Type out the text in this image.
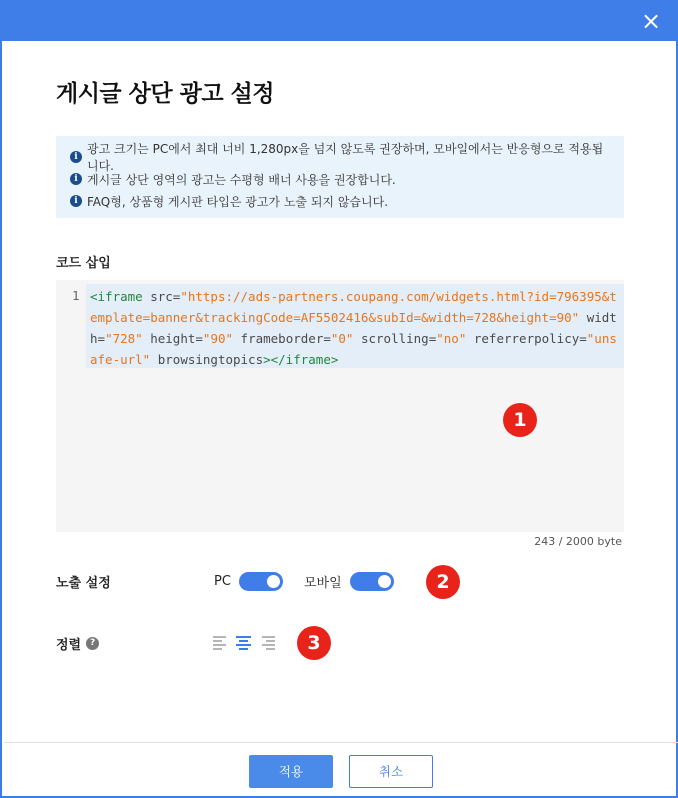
×
게시글 상단 광고 설정
i
광고 크기는 PC에서 최대 너비 1,280px을 넘지 않도록 권장하며, 모바일에서는 반응형으로 적용됩니다.
i 게시글 상단 영역의 광고는 수평형 배너 사용을 권장합니다.
i FAQ형, 상품형 게시판 타입은 광고가 노출 되지 않습니다.
코드 삽입
1 <iframe src="https://ads-partners.coupang.com/widgets.html?id=796395&template=banner&trackingCode=AF5502416&subId=&width=728&height=90" width="728" height="90" frameborder="0" scrolling="no" referrerpolicy="unsafe-url" browsingtopics></iframe>
243 / 2000 byte
1
노출 설정	PC	모바일	2
정렬 ?	3
적용	취소
